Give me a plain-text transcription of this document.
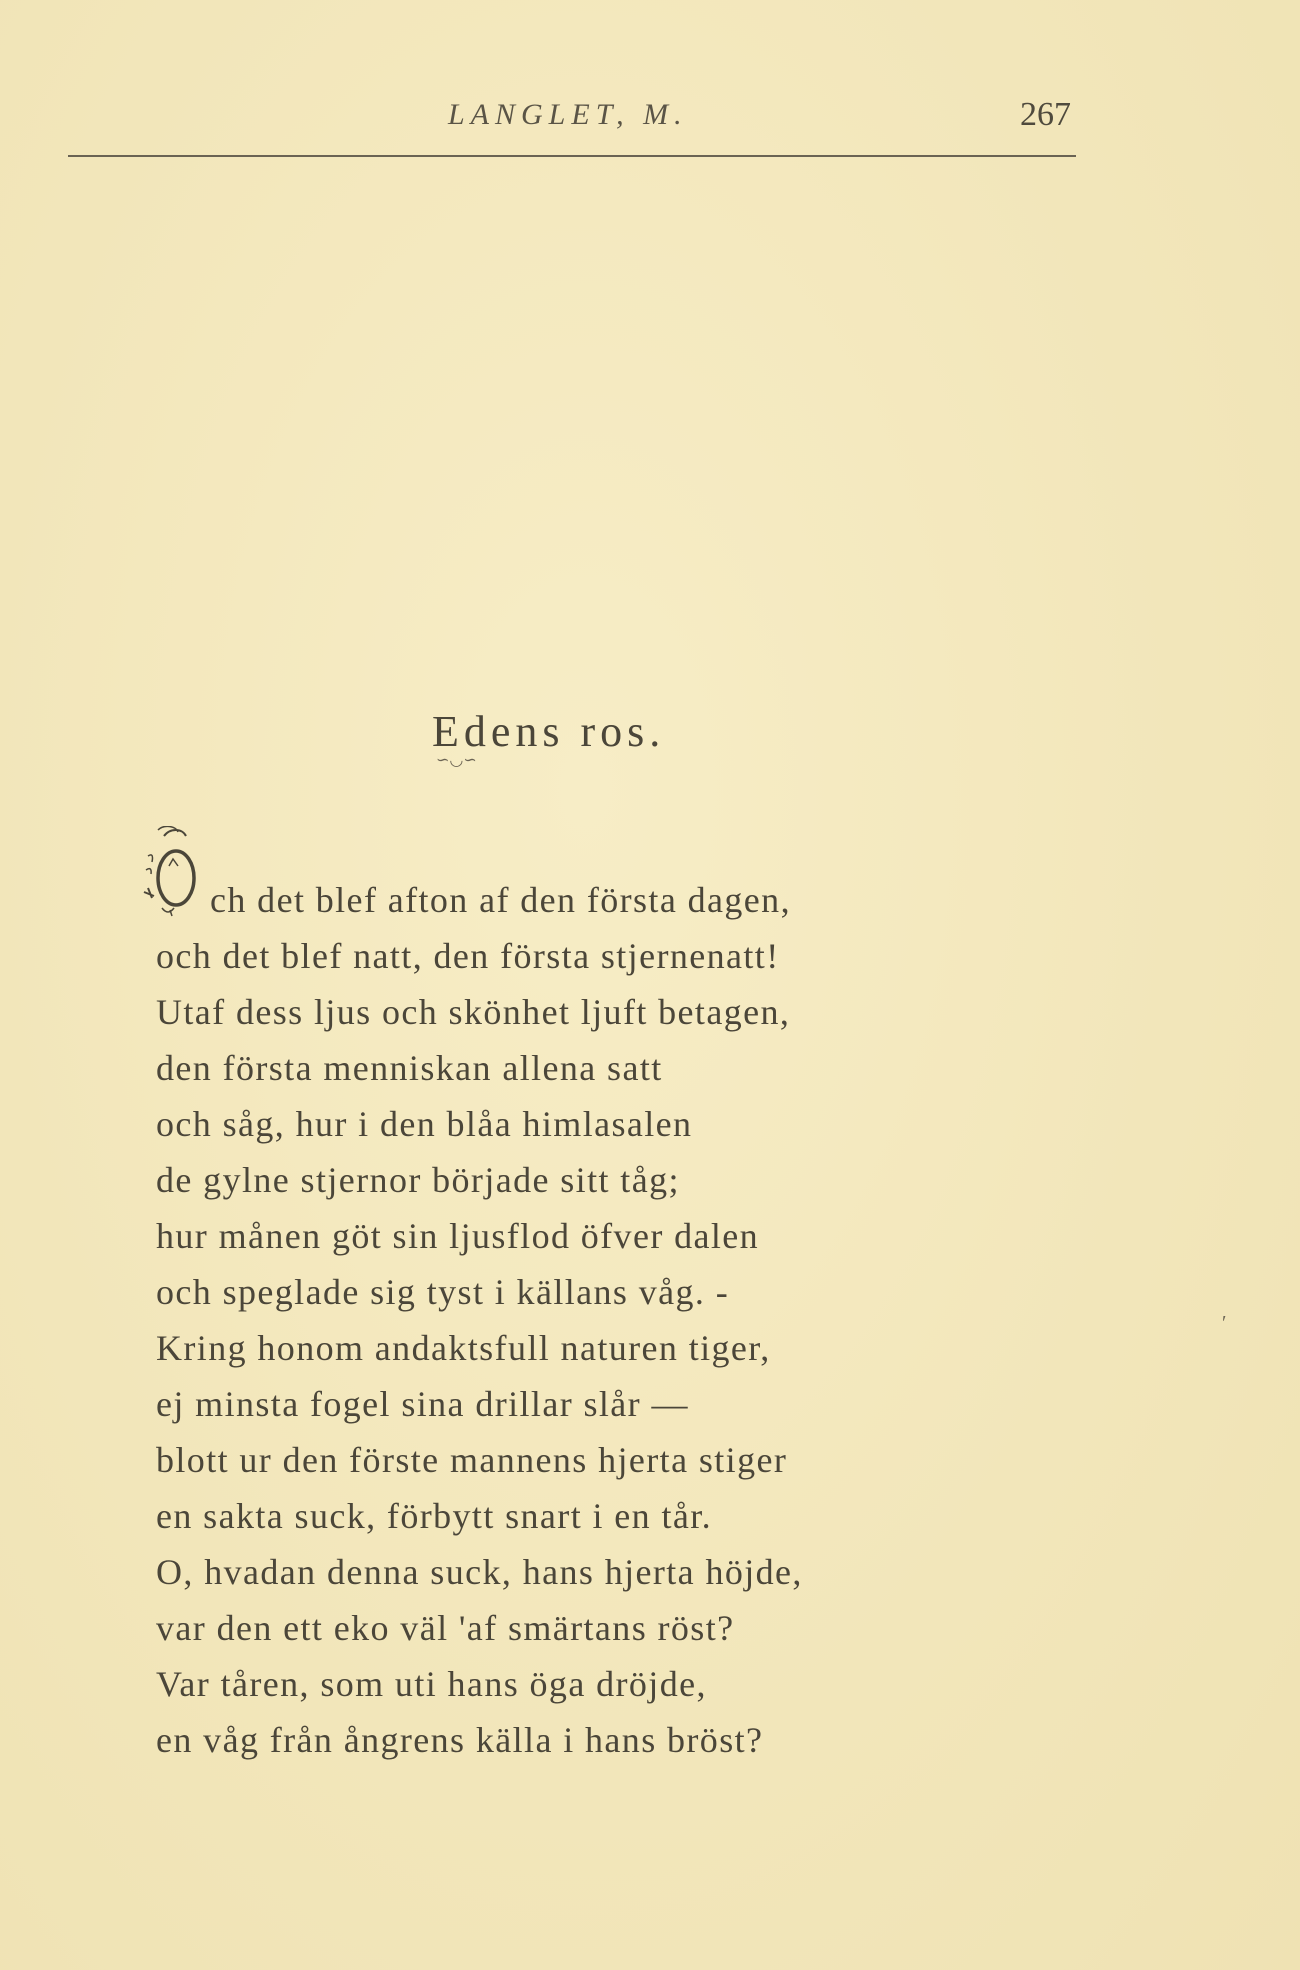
LANGLET, M.	267
Edens ros.
∽◡∽
ch det blef afton af den första dagen,
och det blef natt, den första stjernenatt!
Utaf dess ljus och skönhet ljuft betagen,
den första menniskan allena satt
och såg, hur i den blåa himlasalen
de gylne stjernor började sitt tåg;
hur månen göt sin ljusflod öfver dalen
och speglade sig tyst i källans våg. -
Kring honom andaktsfull naturen tiger,
ej minsta fogel sina drillar slår —
blott ur den förste mannens hjerta stiger
en sakta suck, förbytt snart i en tår.
O, hvadan denna suck, hans hjerta höjde,
var den ett eko väl 'af smärtans röst?
Var tåren, som uti hans öga dröjde,
en våg från ångrens källa i hans bröst?
′
